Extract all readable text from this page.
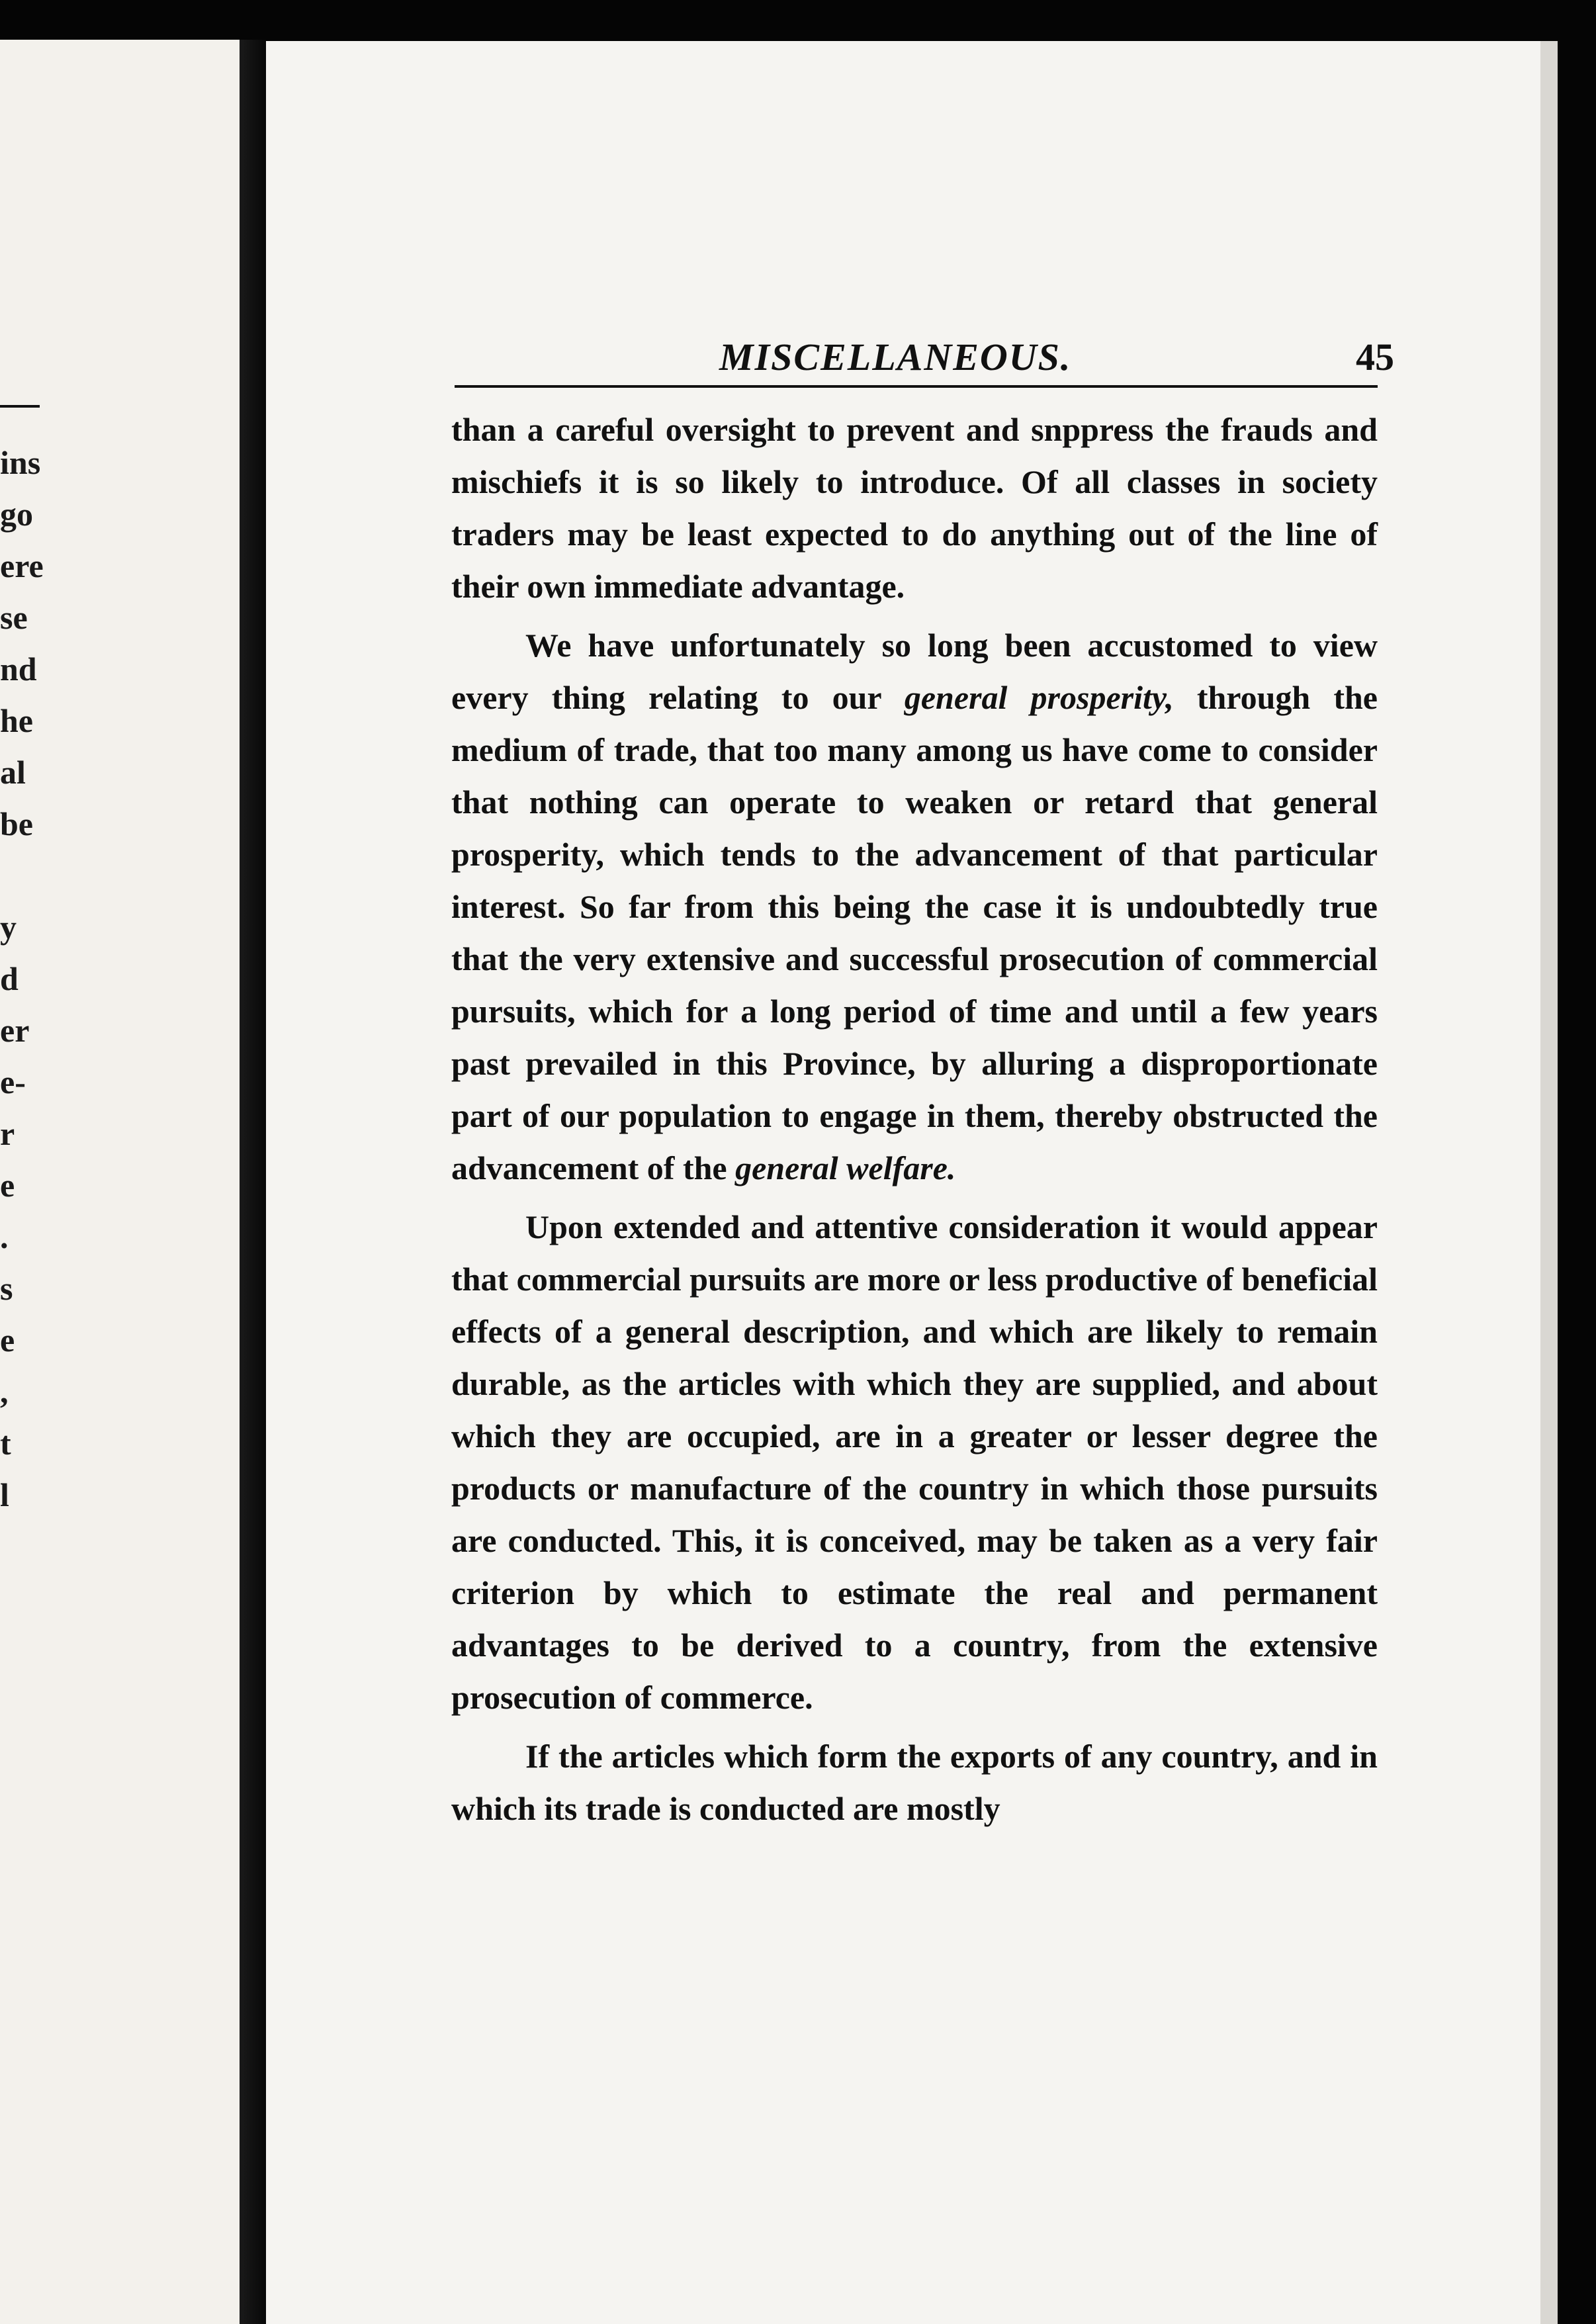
ins
go
ere
se
nd
he
al
be
y
d
er
e-
r
e
.
s
e
,
t
l
MISCELLANEOUS.	45

than a careful oversight to prevent and snppress the frauds and mischiefs it is so likely to introduce. Of all classes in society traders may be least expected to do anything out of the line of their own immediate advantage.

We have unfortunately so long been accustomed to view every thing relating to our general prosperity, through the medium of trade, that too many among us have come to consider that nothing can operate to weaken or retard that general prosperity, which tends to the advancement of that particular interest. So far from this being the case it is undoubtedly true that the very extensive and successful prosecution of commercial pursuits, which for a long period of time and until a few years past prevailed in this Province, by alluring a disproportionate part of our population to engage in them, thereby obstructed the advancement of the general welfare.

Upon extended and attentive consideration it would appear that commercial pursuits are more or less productive of beneficial effects of a general description, and which are likely to remain durable, as the articles with which they are supplied, and about which they are occupied, are in a greater or lesser degree the products or manufacture of the country in which those pursuits are conducted. This, it is conceived, may be taken as a very fair criterion by which to estimate the real and permanent advantages to be derived to a country, from the extensive prosecution of commerce.

If the articles which form the exports of any country, and in which its trade is conducted are mostly
